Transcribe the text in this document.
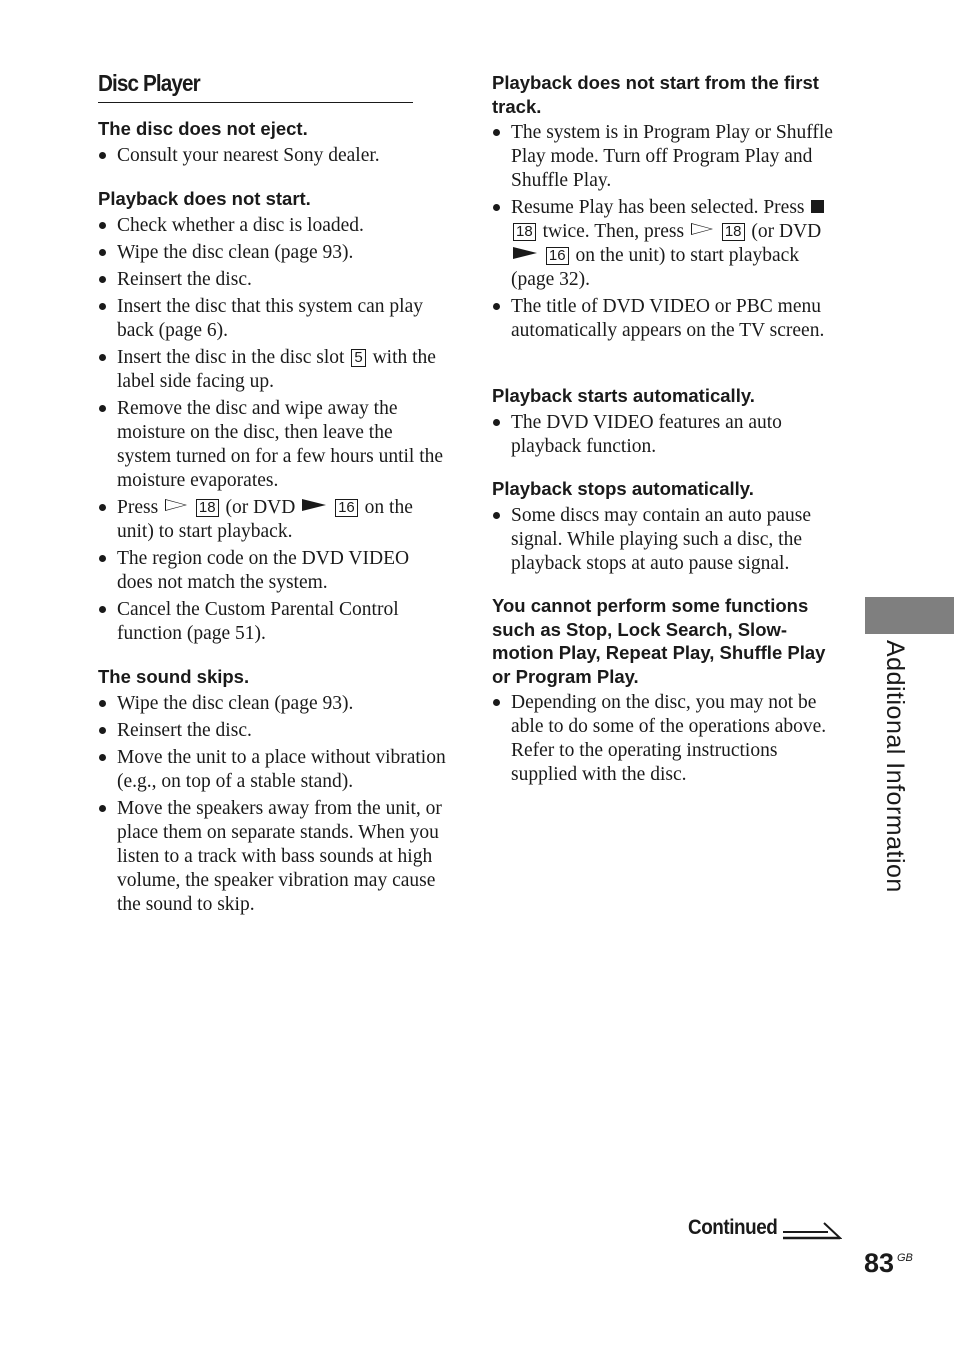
Disc Player
The disc does not eject.
Consult your nearest Sony dealer.
Playback does not start.
Check whether a disc is loaded.
Wipe the disc clean (page 93).
Reinsert the disc.
Insert the disc that this system can play back (page 6).
Insert the disc in the disc slot 5 with the label side facing up.
Remove the disc and wipe away the moisture on the disc, then leave the system turned on for a few hours until the moisture evaporates.
Press	18 (or DVD	16 on the unit) to start playback.
The region code on the DVD VIDEO does not match the system.
Cancel the Custom Parental Control function (page 51).
The sound skips.
Wipe the disc clean (page 93).
Reinsert the disc.
Move the unit to a place without vibration (e.g., on top of a stable stand).
Move the speakers away from the unit, or place them on separate stands. When you listen to a track with bass sounds at high volume, the speaker vibration may cause the sound to skip.
Playback does not start from the first track.
The system is in Program Play or Shuffle Play mode. Turn off Program Play and Shuffle Play.
Resume Play has been selected. Press  18 twice. Then, press	18 (or DVD  16 on the unit) to start playback (page 32).
The title of DVD VIDEO or PBC menu automatically appears on the TV screen.
Playback starts automatically.
The DVD VIDEO features an auto playback function.
Playback stops automatically.
Some discs may contain an auto pause signal. While playing such a disc, the playback stops at auto pause signal.
You cannot perform some functions such as Stop, Lock Search, Slow-motion Play, Repeat Play, Shuffle Play or Program Play.
Depending on the disc, you may not be able to do some of the operations above. Refer to the operating instructions supplied with the disc.	Additional Information
Continued
83 GB
